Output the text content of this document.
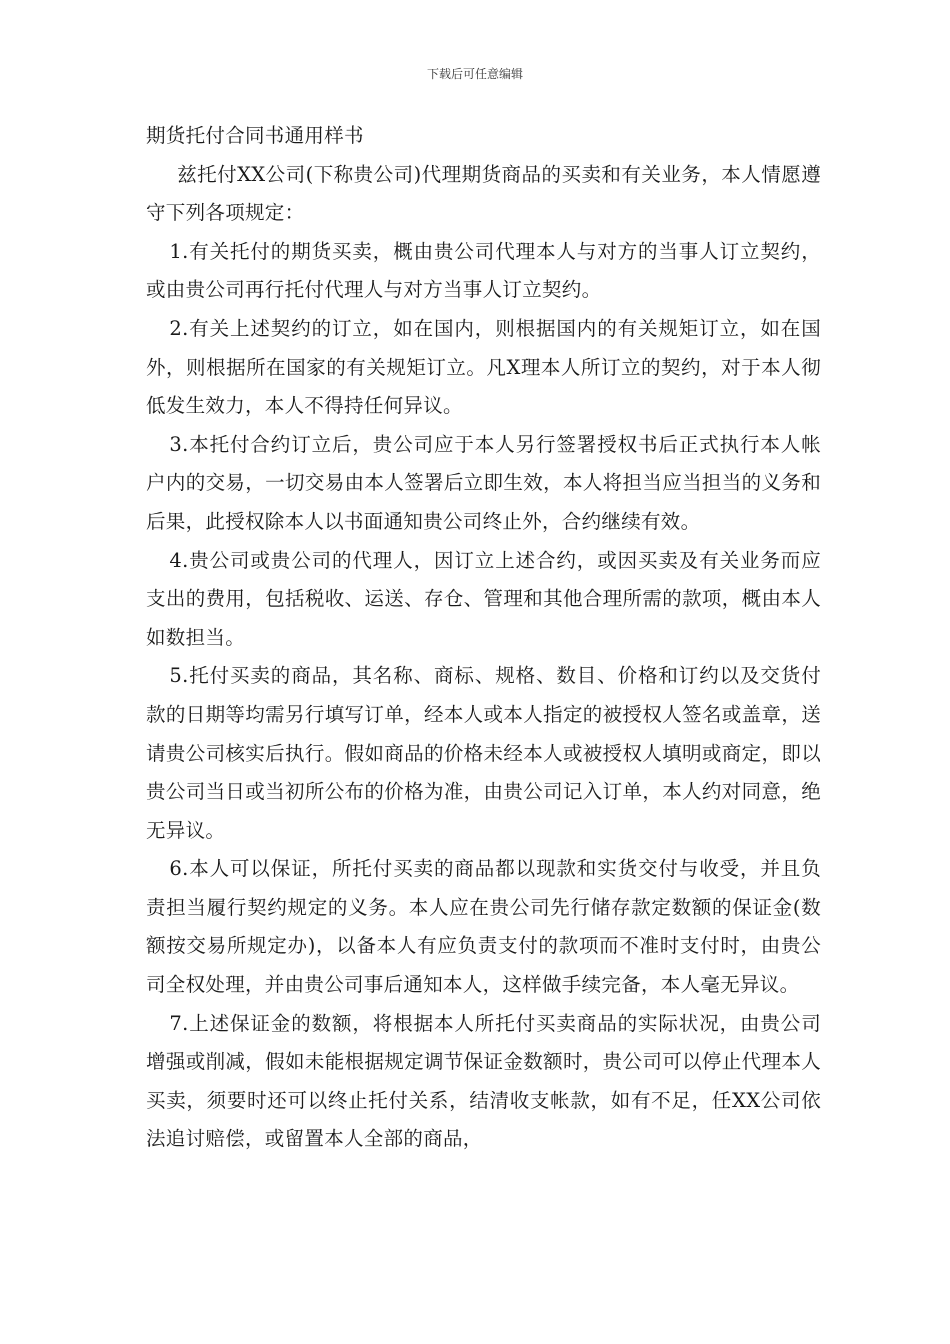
下载后可任意编辑
期货托付合同书通用样书

兹托付XX公司(下称贵公司)代理期货商品的买卖和有关业务，本人情愿遵守下列各项规定：

1.有关托付的期货买卖，概由贵公司代理本人与对方的当事人订立契约，或由贵公司再行托付代理人与对方当事人订立契约。

2.有关上述契约的订立，如在国内，则根据国内的有关规矩订立，如在国外，则根据所在国家的有关规矩订立。凡X理本人所订立的契约，对于本人彻低发生效力，本人不得持任何异议。

3.本托付合约订立后，贵公司应于本人另行签署授权书后正式执行本人帐户内的交易，一切交易由本人签署后立即生效，本人将担当应当担当的义务和后果，此授权除本人以书面通知贵公司终止外，合约继续有效。

4.贵公司或贵公司的代理人，因订立上述合约，或因买卖及有关业务而应支出的费用，包括税收、运送、存仓、管理和其他合理所需的款项，概由本人如数担当。

5.托付买卖的商品，其名称、商标、规格、数目、价格和订约以及交货付款的日期等均需另行填写订单，经本人或本人指定的被授权人签名或盖章，送请贵公司核实后执行。假如商品的价格未经本人或被授权人填明或商定，即以贵公司当日或当初所公布的价格为准，由贵公司记入订单，本人约对同意，绝无异议。

6.本人可以保证，所托付买卖的商品都以现款和实货交付与收受，并且负责担当履行契约规定的义务。本人应在贵公司先行储存款定数额的保证金(数额按交易所规定办)，以备本人有应负责支付的款项而不准时支付时，由贵公司全权处理，并由贵公司事后通知本人，这样做手续完备，本人毫无异议。

7.上述保证金的数额，将根据本人所托付买卖商品的实际状况，由贵公司增强或削减，假如未能根据规定调节保证金数额时，贵公司可以停止代理本人买卖，须要时还可以终止托付关系，结清收支帐款，如有不足，任XX公司依法追讨赔偿，或留置本人全部的商品，
